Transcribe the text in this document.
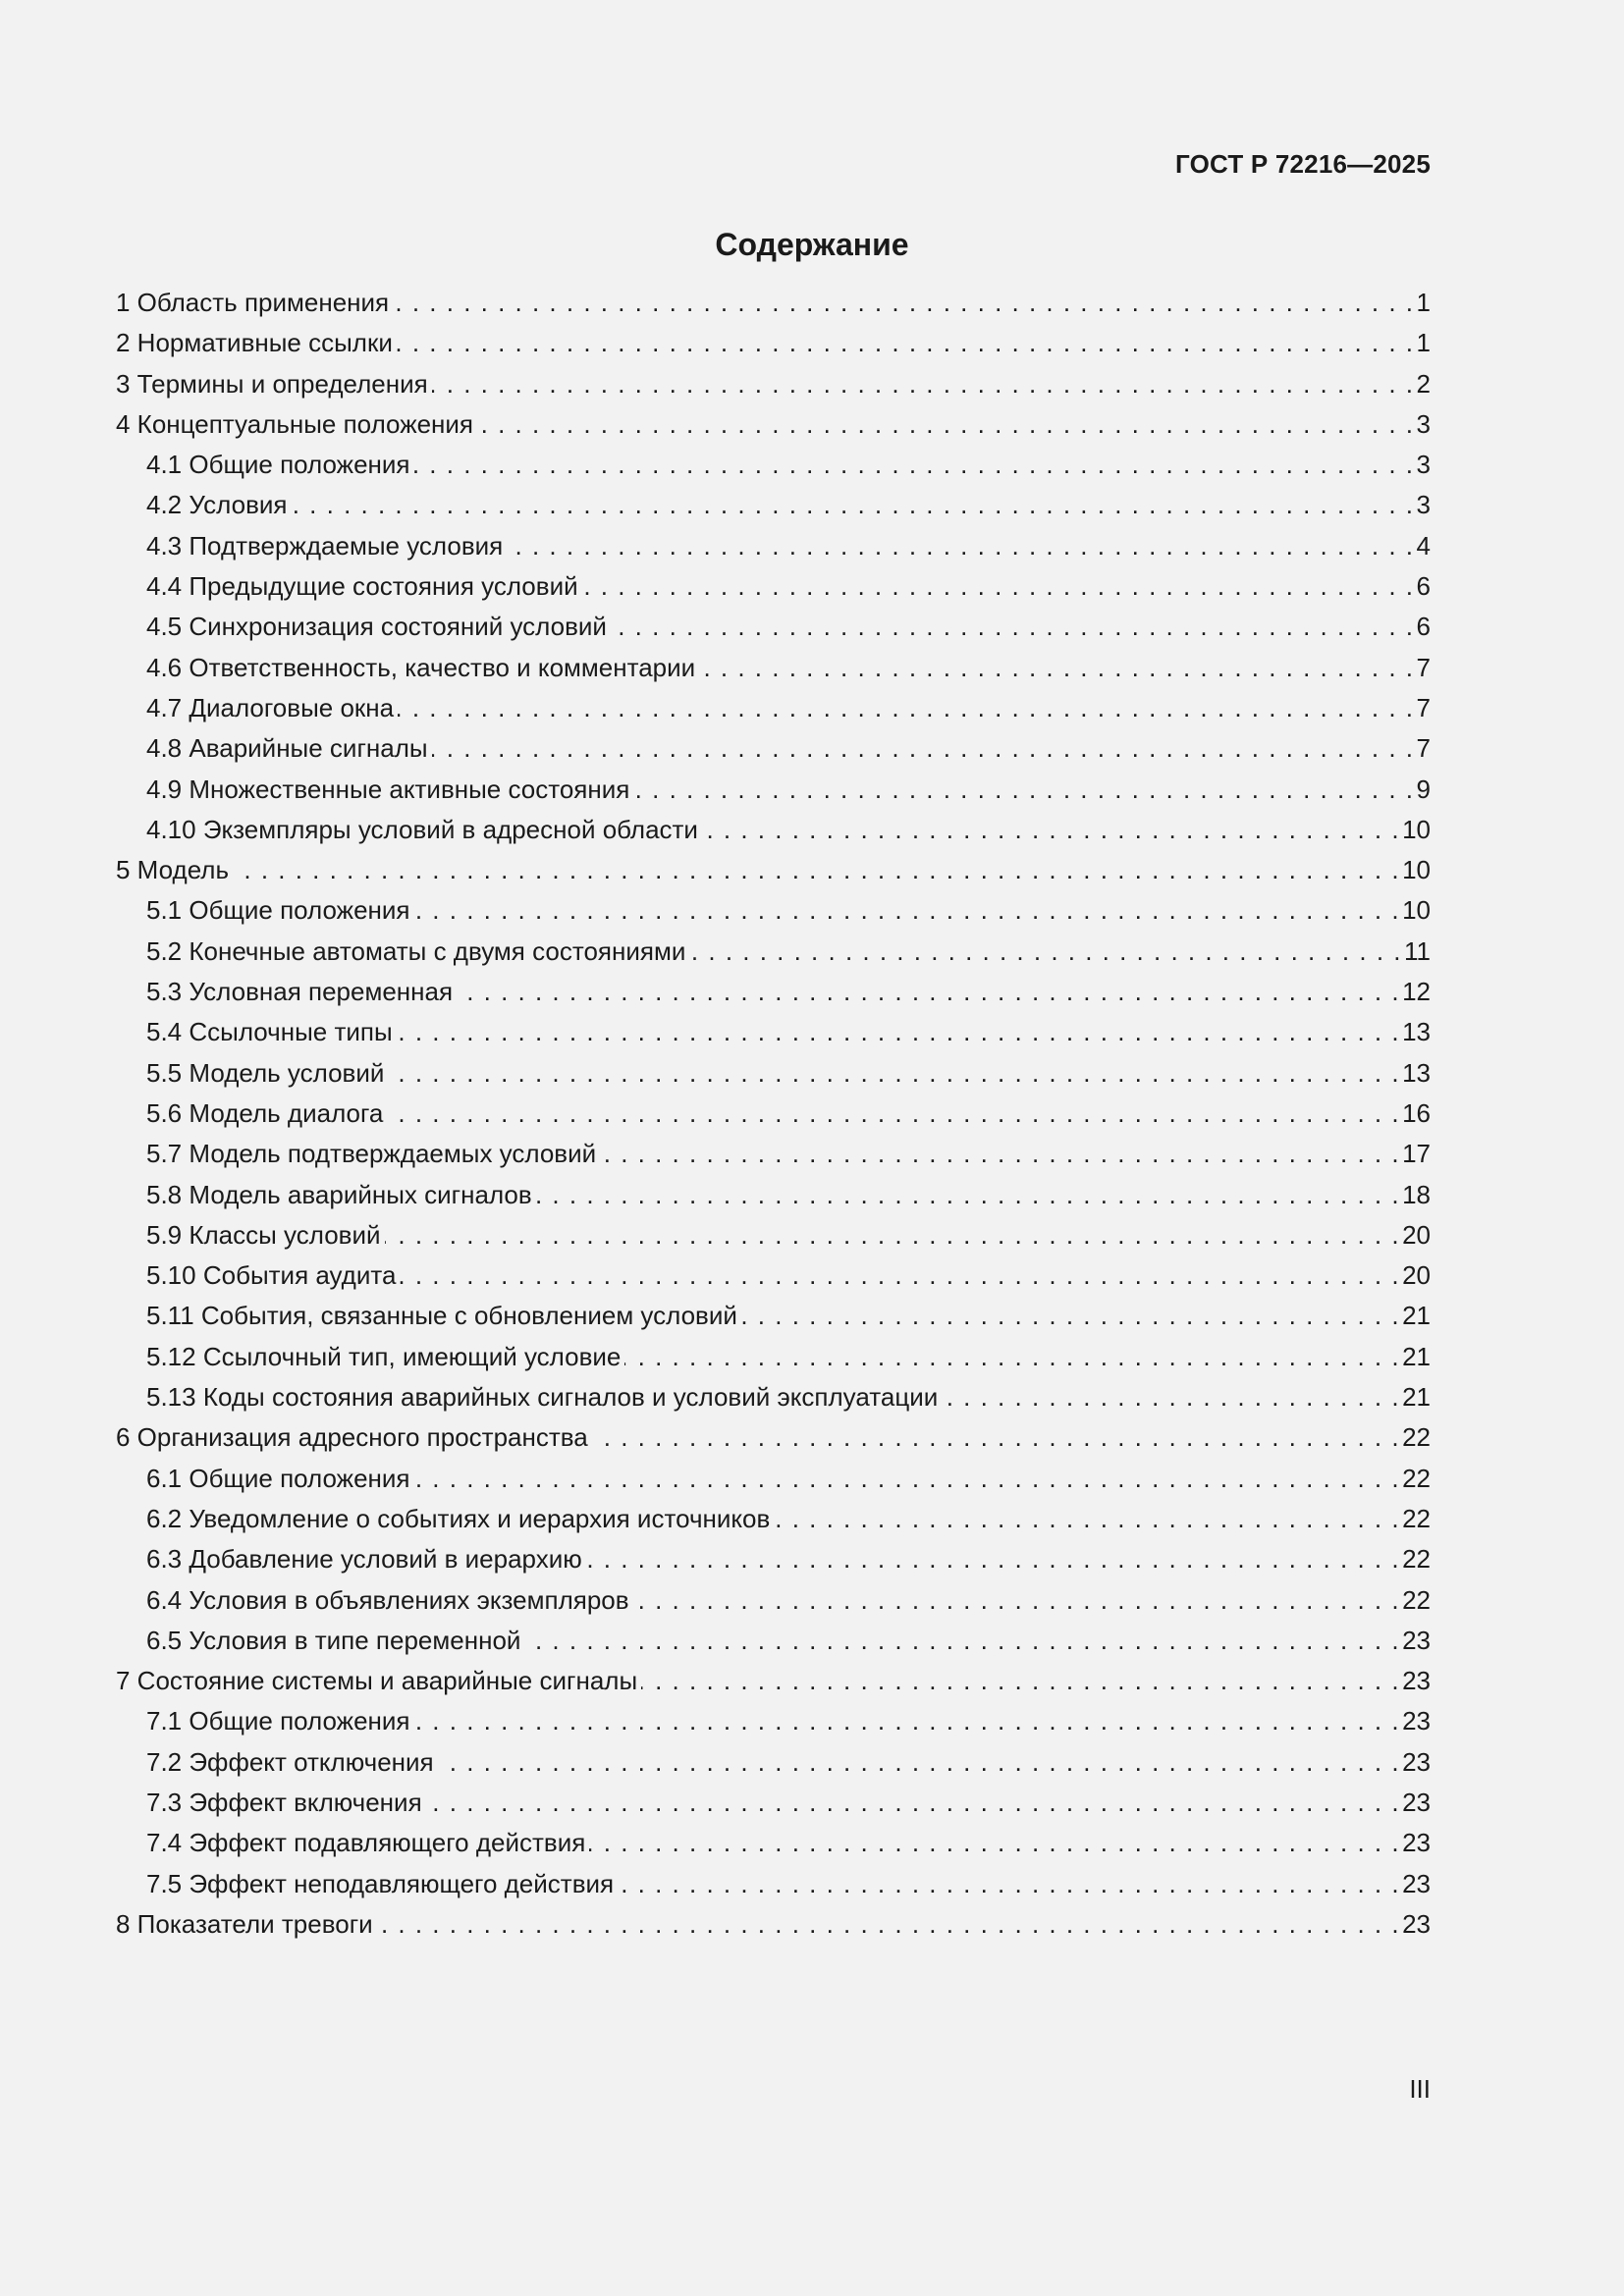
ГОСТ Р 72216—2025
Содержание
1 Область применения . . .	1
2 Нормативные ссылки . . .	1
3 Термины и определения . . .	2
4 Концептуальные положения . . .	3
4.1 Общие положения . . .	3
4.2 Условия . . .	3
4.3 Подтверждаемые условия . . .	4
4.4 Предыдущие состояния условий . . .	6
4.5 Синхронизация состояний условий . . .	6
4.6 Ответственность, качество и комментарии . . .	7
4.7 Диалоговые окна . . .	7
4.8 Аварийные сигналы . . .	7
4.9 Множественные активные состояния . . .	9
4.10 Экземпляры условий в адресной области . . .	10
5 Модель . . .	10
5.1 Общие положения . . .	10
5.2 Конечные автоматы с двумя состояниями . . .	11
5.3 Условная переменная . . .	12
5.4 Ссылочные типы . . .	13
5.5 Модель условий . . .	13
5.6 Модель диалога . . .	16
5.7 Модель подтверждаемых условий . . .	17
5.8 Модель аварийных сигналов . . .	18
5.9 Классы условий . . .	20
5.10 События аудита . . .	20
5.11 События, связанные с обновлением условий . . .	21
5.12 Ссылочный тип, имеющий условие . . .	21
5.13 Коды состояния аварийных сигналов и условий эксплуатации . . .	21
6 Организация адресного пространства . . .	22
6.1 Общие положения . . .	22
6.2 Уведомление о событиях и иерархия источников . . .	22
6.3 Добавление условий в иерархию . . .	22
6.4 Условия в объявлениях экземпляров . . .	22
6.5 Условия в типе переменной . . .	23
7 Состояние системы и аварийные сигналы . . .	23
7.1 Общие положения . . .	23
7.2 Эффект отключения . . .	23
7.3 Эффект включения . . .	23
7.4 Эффект подавляющего действия . . .	23
7.5 Эффект неподавляющего действия . . .	23
8 Показатели тревоги . . .	23
III
